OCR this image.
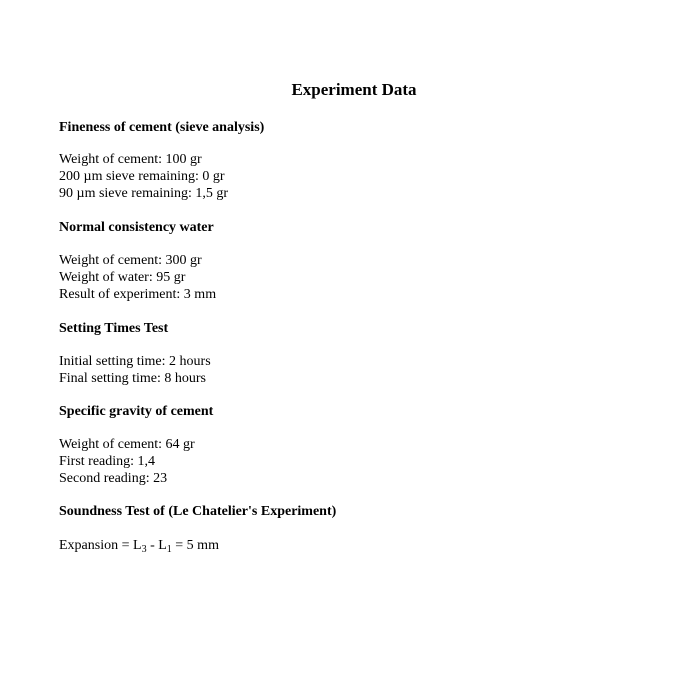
Experiment Data
Fineness of cement (sieve analysis)
Weight of cement: 100 gr
200 µm sieve remaining: 0 gr
90 µm sieve remaining: 1,5 gr
Normal consistency water
Weight of cement: 300 gr
Weight of water: 95 gr
Result of experiment: 3 mm
Setting Times Test
Initial setting time: 2 hours
Final setting time: 8 hours
Specific gravity of cement
Weight of cement: 64 gr
First reading: 1,4
Second reading: 23
Soundness Test of (Le Chatelier's Experiment)
Expansion = $L_3 - L_1 = 5$ mm
